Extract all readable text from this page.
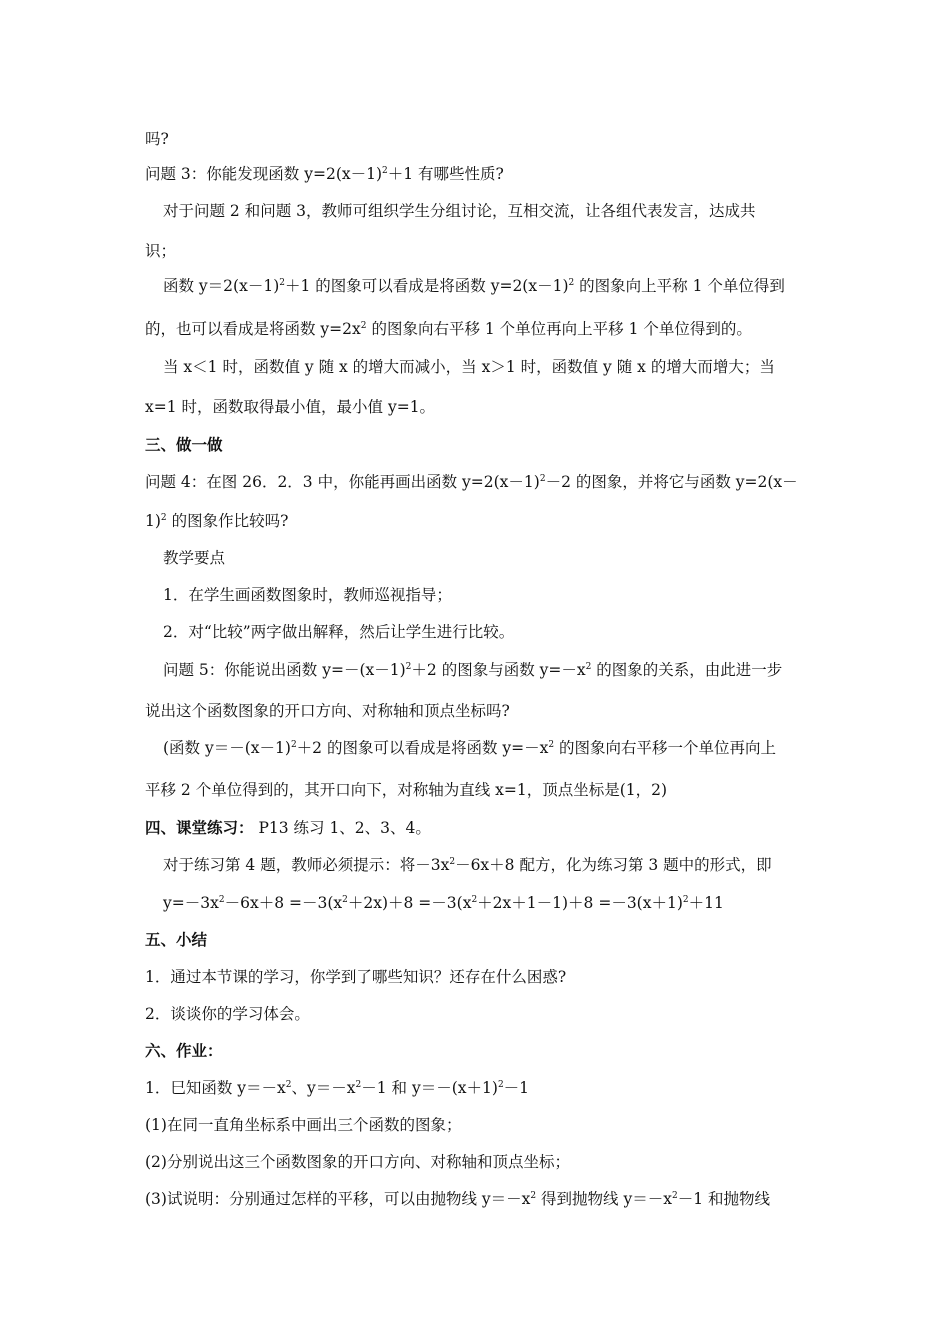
吗?
问题 3：你能发现函数 $y=2(x-1)^2+1$ 有哪些性质?
对于问题 2 和问题 3，教师可组织学生分组讨论，互相交流，让各组代表发言，达成共
识；
函数 $y=2(x-1)^2+1$ 的图象可以看成是将函数 $y=2(x-1)^2$ 的图象向上平称 1 个单位得到
的，也可以看成是将函数 $y=2x^2$ 的图象向右平移 1 个单位再向上平移 1 个单位得到的。
当 x＜1 时，函数值 y 随 x 的增大而减小，当 x＞1 时，函数值 y 随 x 的增大而增大；当
x=1 时，函数取得最小值，最小值 y=1。
三、做一做
问题 4：在图 26．2．3 中，你能再画出函数 $y=2(x-1)^2-2$ 的图象，并将它与函数 y=2(x－
1)$^2$ 的图象作比较吗?
教学要点
1．在学生画函数图象时，教师巡视指导；
2．对“比较”两字做出解释，然后让学生进行比较。
问题 5：你能说出函数 $y=-(x-1)^2+2$ 的图象与函数 $y=-x^2$ 的图象的关系，由此进一步
说出这个函数图象的开口方向、对称轴和顶点坐标吗?
(函数 $y=-(x-1)^2+2$ 的图象可以看成是将函数 $y=-x^2$ 的图象向右平移一个单位再向上
平移 2 个单位得到的，其开口向下，对称轴为直线 x=1，顶点坐标是(1，2)
四、课堂练习： P13 练习 1、2、3、4。
对于练习第 4 题，教师必须提示：将$-3x^2-6x+8$ 配方，化为练习第 3 题中的形式，即
$y=-3x^2-6x+8 =-3(x^2+2x)+8 =-3(x^2+2x+1-1)+8 =-3(x+1)^2+11$
五、小结
1．通过本节课的学习，你学到了哪些知识？还存在什么困惑?
2．谈谈你的学习体会。
六、作业：
1．巳知函数 $y=-x^2$、$y=-x^2-1$ 和 $y=-(x+1)^2-1$
(1)在同一直角坐标系中画出三个函数的图象；
(2)分别说出这三个函数图象的开口方向、对称轴和顶点坐标；
(3)试说明：分别通过怎样的平移，可以由抛物线 $y=-x^2$ 得到抛物线 $y=-x^2-1$ 和抛物线
